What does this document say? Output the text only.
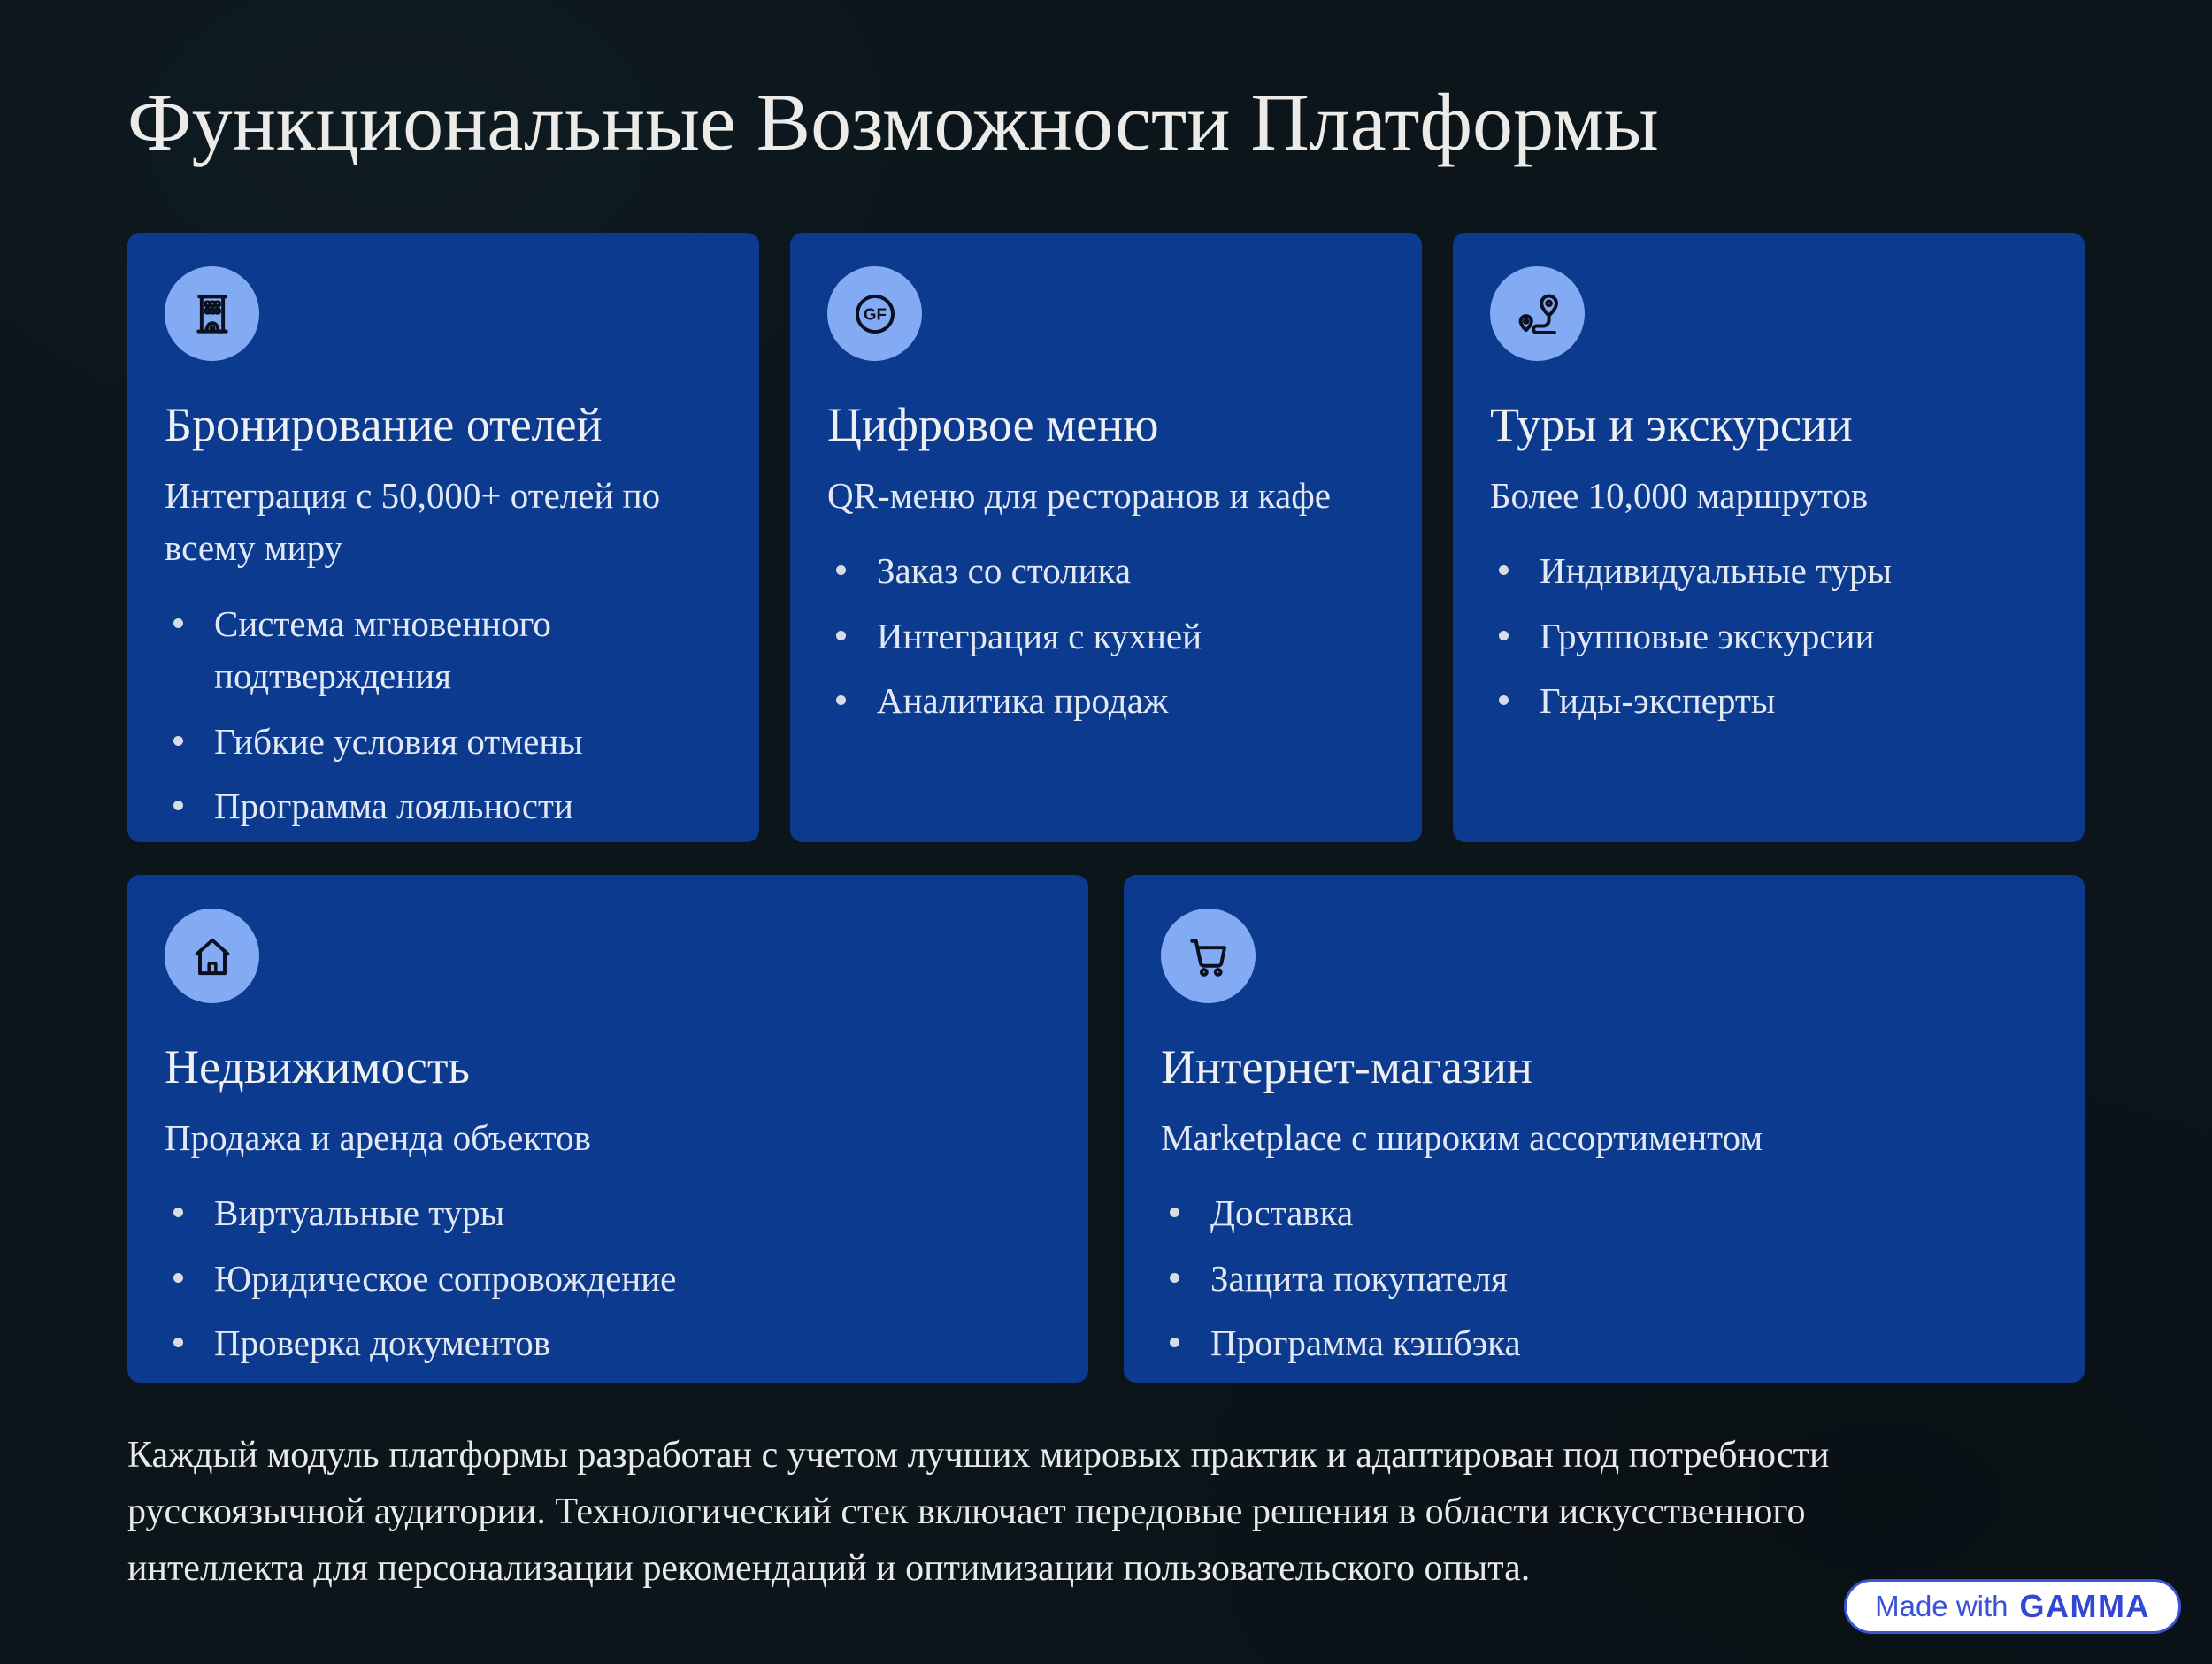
Функциональные Возможности Платформы
Бронирование отелей

Интеграция с 50,000+ отелей по всему миру

Система мгновенного подтверждения
Гибкие условия отмены
Программа лояльности
GF
Цифровое меню

QR-меню для ресторанов и кафе

Заказ со столика
Интеграция с кухней
Аналитика продаж
Туры и экскурсии

Более 10,000 маршрутов

Индивидуальные туры
Групповые экскурсии
Гиды-эксперты
Недвижимость

Продажа и аренда объектов

Виртуальные туры
Юридическое сопровождение
Проверка документов
Интернет-магазин

Marketplace с широким ассортиментом

Доставка
Защита покупателя
Программа кэшбэка

Каждый модуль платформы разработан с учетом лучших мировых практик и адаптирован под потребности русскоязычной аудитории. Технологический стек включает передовые решения в области искусственного интеллекта для персонализации рекомендаций и оптимизации пользовательского опыта.

Made with GAMMA
